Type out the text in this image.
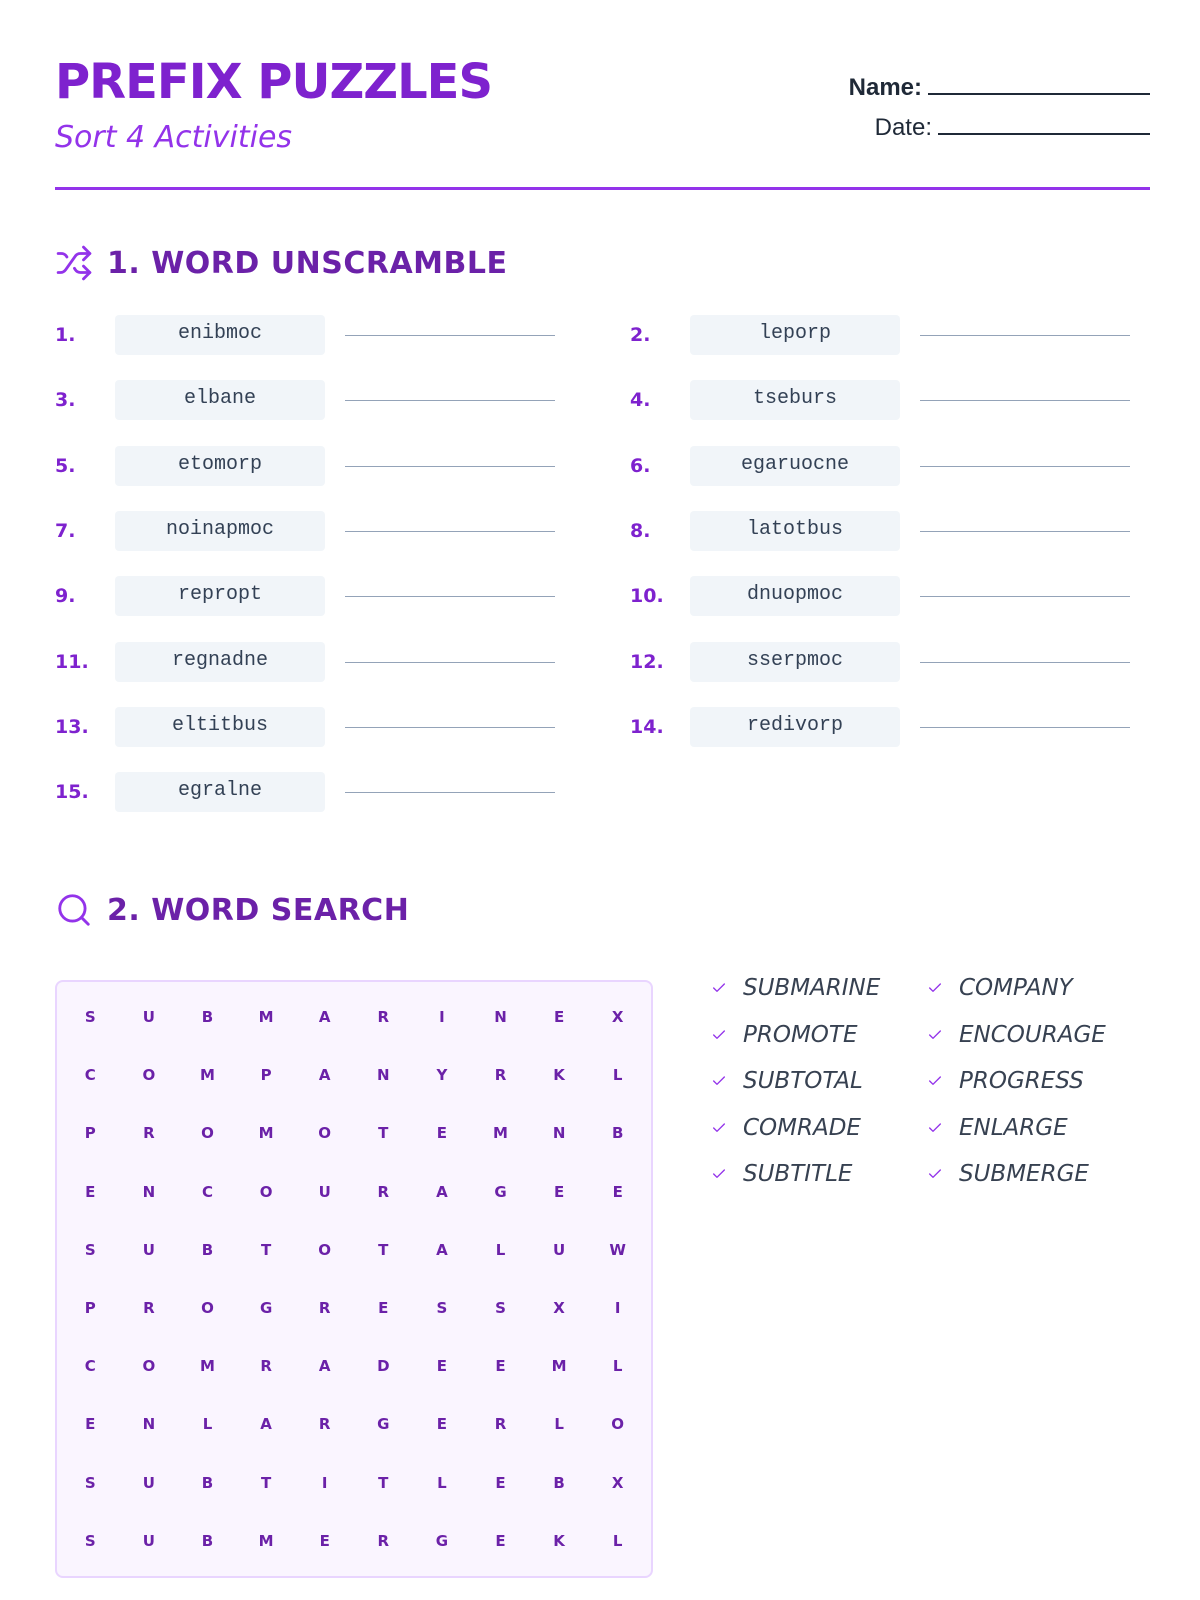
PREFIX PUZZLES
Sort 4 Activities
Name:
Date:
1. WORD UNSCRAMBLE
1.	enibmoc	2.	leporp
3.	elbane	4.	tseburs
5.	etomorp	6.	egaruocne
7.	noinapmoc	8.	latotbus
9.	repropt	10.	dnuopmoc
11.	regnadne	12.	sserpmoc
13.	eltitbus	14.	redivorp
15.	egralne
2. WORD SEARCH
S	U	B	M	A	R	I	N	E	X
C	O	M	P	A	N	Y	R	K	L
P	R	O	M	O	T	E	M	N	B
E	N	C	O	U	R	A	G	E	E
S	U	B	T	O	T	A	L	U	W
P	R	O	G	R	E	S	S	X	I
C	O	M	R	A	D	E	E	M	L
E	N	L	A	R	G	E	R	L	O
S	U	B	T	I	T	L	E	B	X
S	U	B	M	E	R	G	E	K	L
SUBMARINE	COMPANY
PROMOTE	ENCOURAGE
SUBTOTAL	PROGRESS
COMRADE	ENLARGE
SUBTITLE	SUBMERGE
